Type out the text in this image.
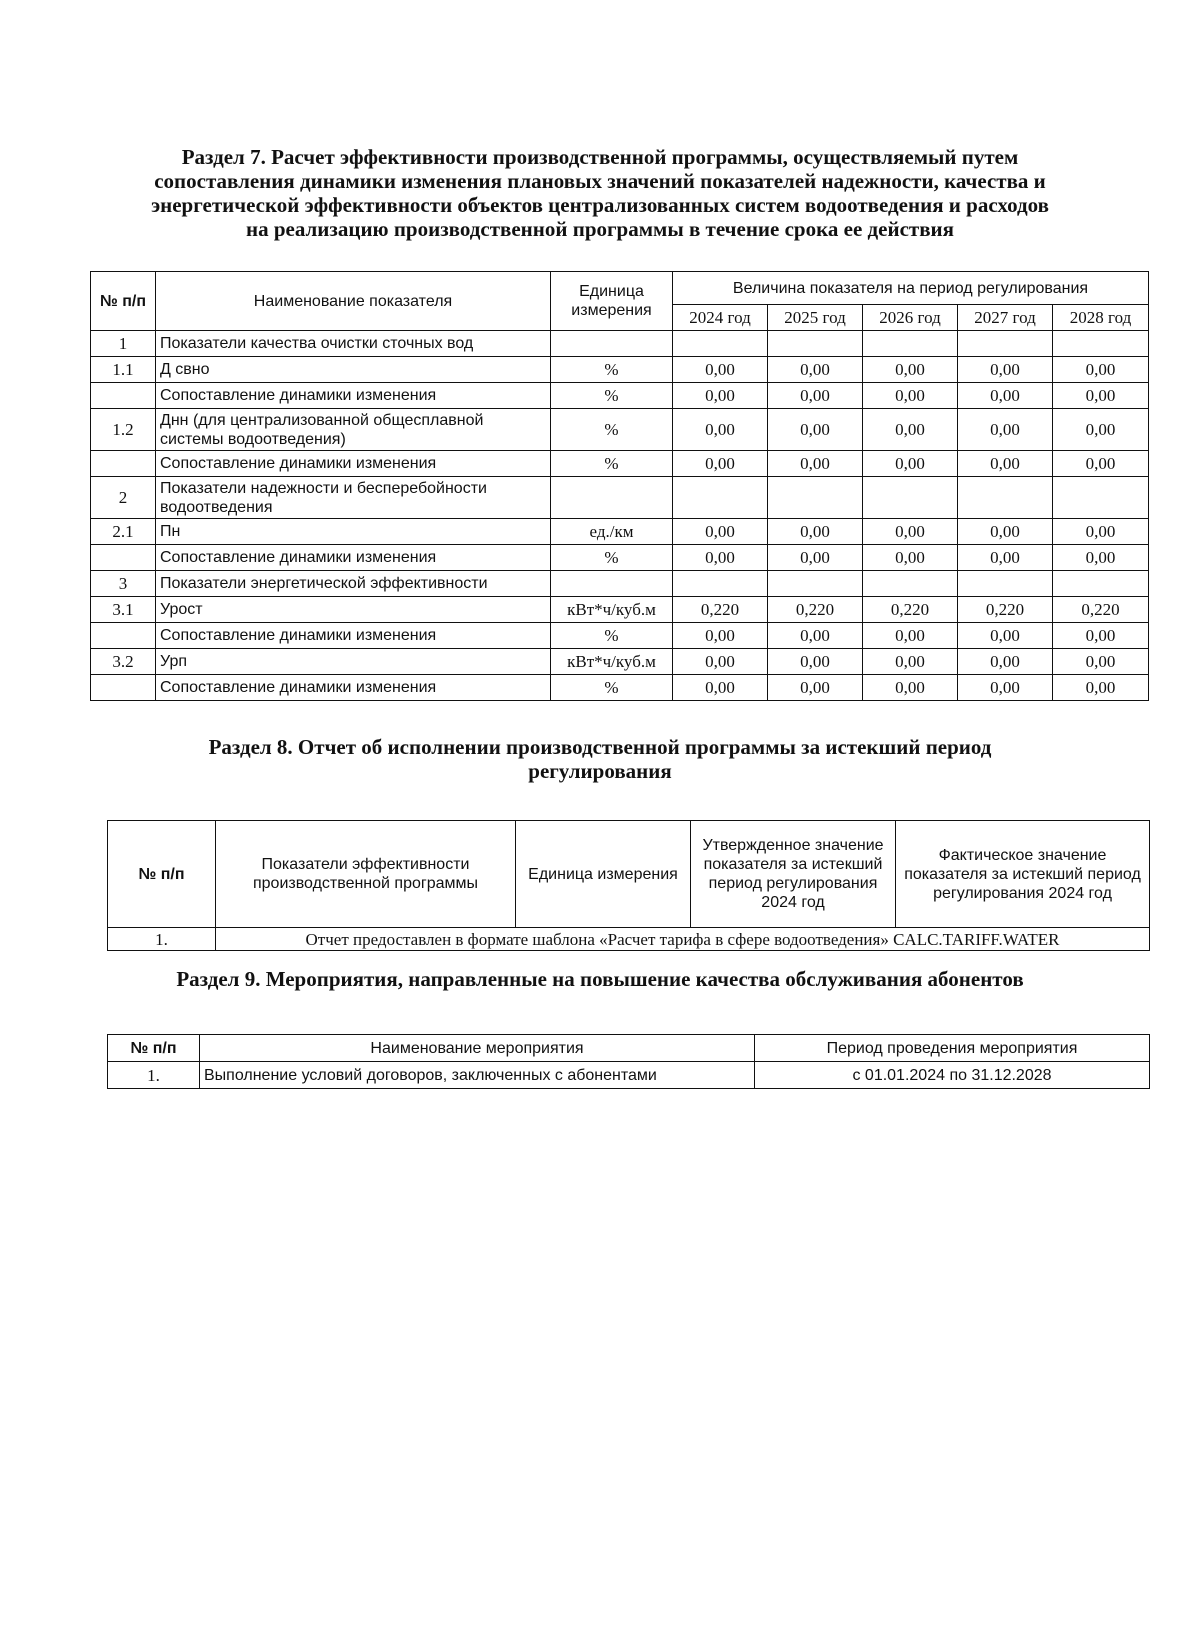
Раздел 7. Расчет эффективности производственной программы, осуществляемый путем
сопоставления динамики изменения плановых значений показателей надежности, качества и
энергетической эффективности объектов централизованных систем водоотведения и расходов
на реализацию производственной программы в течение срока ее действия
№ п/п	Наименование показателя	Единица измерения	Величина показателя на период регулирования				
			2024 год	2025 год	2026 год	2027 год	2028 год
1	Показатели качества очистки сточных вод						
1.1	Д свно	%	0,00	0,00	0,00	0,00	0,00
	Сопоставление динамики изменения	%	0,00	0,00	0,00	0,00	0,00
1.2	Днн (для централизованной общесплавной системы водоотведения)	%	0,00	0,00	0,00	0,00	0,00
	Сопоставление динамики изменения	%	0,00	0,00	0,00	0,00	0,00
2	Показатели надежности и бесперебойности водоотведения						
2.1	Пн	ед./км	0,00	0,00	0,00	0,00	0,00
	Сопоставление динамики изменения	%	0,00	0,00	0,00	0,00	0,00
3	Показатели энергетической эффективности						
3.1	Урост	кВт*ч/куб.м	0,220	0,220	0,220	0,220	0,220
	Сопоставление динамики изменения	%	0,00	0,00	0,00	0,00	0,00
3.2	Урп	кВт*ч/куб.м	0,00	0,00	0,00	0,00	0,00
	Сопоставление динамики изменения	%	0,00	0,00	0,00	0,00	0,00
Раздел 8. Отчет об исполнении производственной программы за истекший период
регулирования
№ п/п	Показатели эффективности производственной программы	Единица измерения	Утвержденное значение показателя за истекший период регулирования 2024 год	Фактическое значение показателя за истекший период регулирования 2024 год
1.	Отчет предоставлен в формате шаблона «Расчет тарифа в сфере водоотведения» CALC.TARIFF.WATER			
Раздел 9. Мероприятия, направленные на повышение качества обслуживания абонентов
№ п/п	Наименование мероприятия	Период проведения мероприятия
1.	Выполнение условий договоров, заключенных с абонентами	с 01.01.2024 по 31.12.2028
